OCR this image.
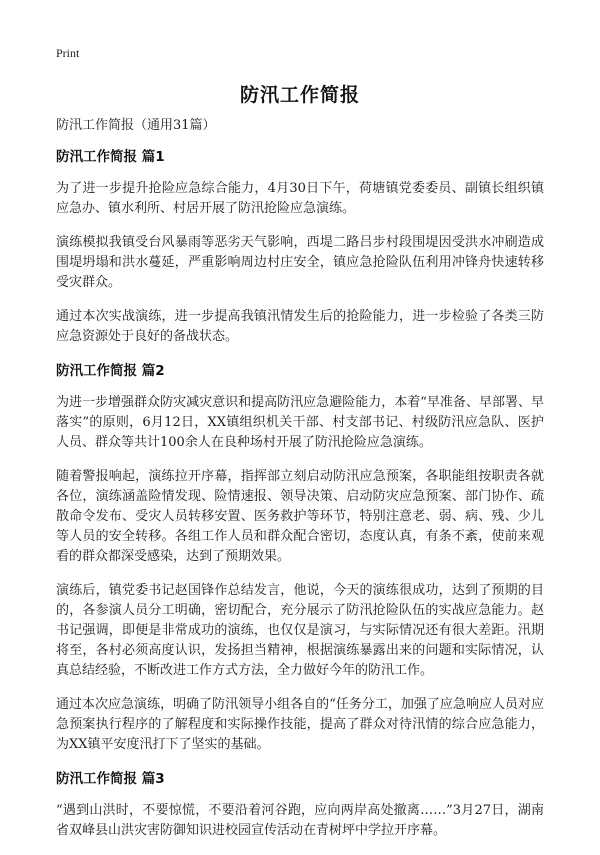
Print
防汛工作简报

防汛工作简报（通用31篇）

防汛工作简报 篇1

为了进一步提升抢险应急综合能力，4月30日下午，荷塘镇党委委员、副镇长组织镇应急办、镇水利所、村居开展了防汛抢险应急演练。

演练模拟我镇受台风暴雨等恶劣天气影响，西堤二路吕步村段围堤因受洪水冲刷造成围堤坍塌和洪水蔓延，严重影响周边村庄安全，镇应急抢险队伍利用冲锋舟快速转移受灾群众。

通过本次实战演练，进一步提高我镇汛情发生后的抢险能力，进一步检验了各类三防应急资源处于良好的备战状态。

防汛工作简报 篇2

为进一步增强群众防灾减灾意识和提高防汛应急避险能力，本着“早准备、早部署、早落实”的原则，6月12日，XX镇组织机关干部、村支部书记、村级防汛应急队、医护人员、群众等共计100余人在良种场村开展了防汛抢险应急演练。

随着警报响起，演练拉开序幕，指挥部立刻启动防汛应急预案，各职能组按职责各就各位，演练涵盖险情发现、险情速报、领导决策、启动防灾应急预案、部门协作、疏散命令发布、受灾人员转移安置、医务救护等环节，特别注意老、弱、病、残、少儿等人员的安全转移。各组工作人员和群众配合密切，态度认真，有条不紊，使前来观看的群众都深受感染，达到了预期效果。

演练后，镇党委书记赵国锋作总结发言，他说，今天的演练很成功，达到了预期的目的，各参演人员分工明确，密切配合，充分展示了防汛抢险队伍的实战应急能力。赵书记强调，即便是非常成功的演练，也仅仅是演习，与实际情况还有很大差距。汛期将至，各村必须高度认识，发扬担当精神，根据演练暴露出来的问题和实际情况，认真总结经验，不断改进工作方式方法，全力做好今年的防汛工作。

通过本次应急演练，明确了防汛领导小组各自的“任务分工，加强了应急响应人员对应急预案执行程序的了解程度和实际操作技能，提高了群众对待汛情的综合应急能力，为XX镇平安度汛打下了坚实的基础。

防汛工作简报 篇3

“遇到山洪时，不要惊慌，不要沿着河谷跑，应向两岸高处撤离……”3月27日，湖南省双峰县山洪灾害防御知识进校园宣传活动在青树坪中学拉开序幕。
